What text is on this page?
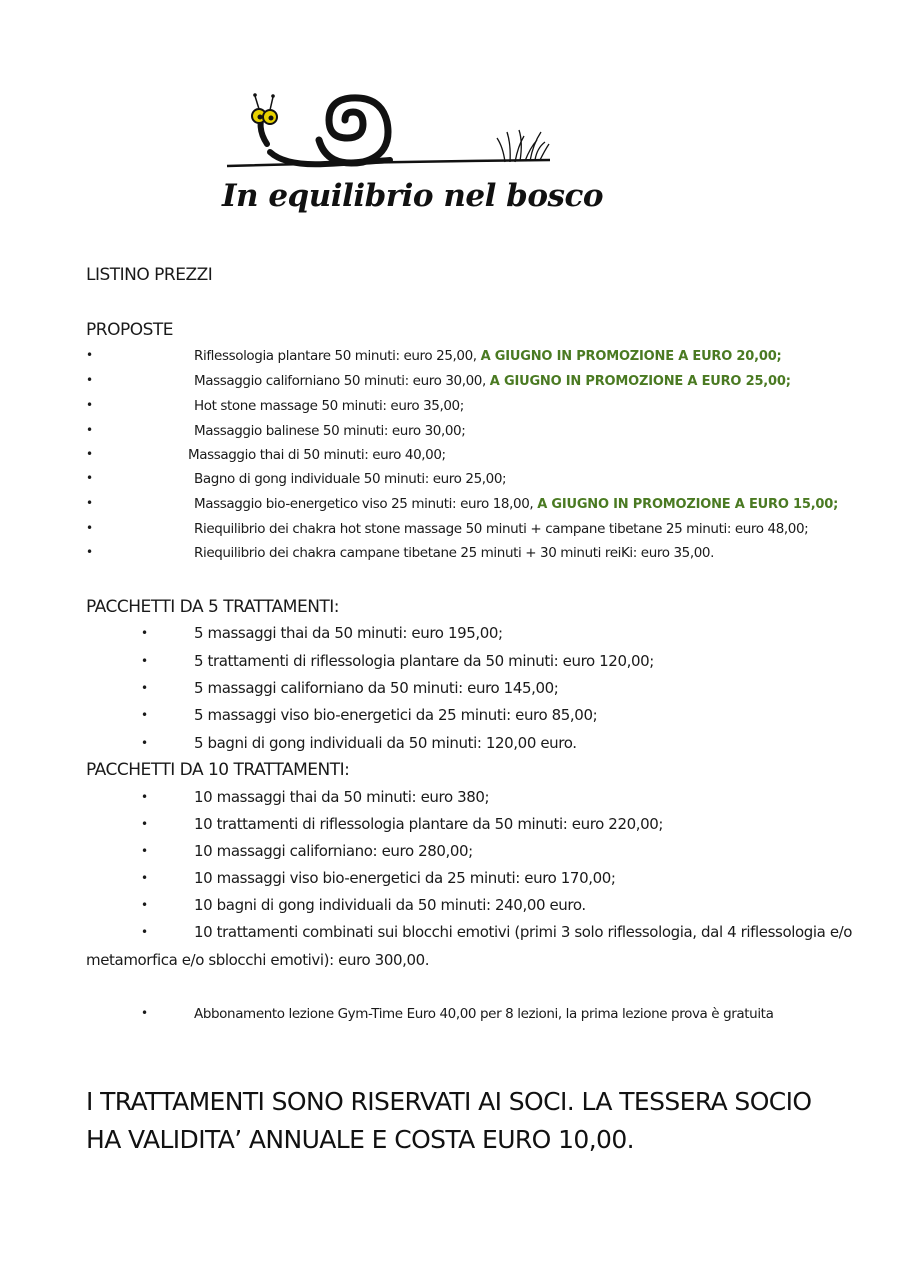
In equilibrio nel bosco
LISTINO PREZZI
PROPOSTE
•	Riflessologia plantare 50 minuti: euro 25,00, A GIUGNO IN PROMOZIONE A EURO 20,00;
•	Massaggio californiano 50 minuti: euro 30,00, A GIUGNO IN PROMOZIONE A EURO 25,00;
•	Hot stone massage 50 minuti: euro 35,00;
•	Massaggio balinese 50 minuti: euro 30,00;
•	Massaggio thai di 50 minuti: euro 40,00;
•	Bagno di gong individuale 50 minuti: euro 25,00;
•	Massaggio bio-energetico viso 25 minuti: euro 18,00, A GIUGNO IN PROMOZIONE A EURO 15,00;
•	Riequilibrio dei chakra hot stone massage 50 minuti + campane tibetane 25 minuti: euro 48,00;
•	Riequilibrio dei chakra campane tibetane 25 minuti + 30 minuti reiKi: euro 35,00.
PACCHETTI DA 5 TRATTAMENTI:
•	5 massaggi thai da 50 minuti: euro 195,00;
•	5 trattamenti di riflessologia plantare da 50 minuti: euro 120,00;
•	5 massaggi californiano da 50 minuti: euro 145,00;
•	5 massaggi viso bio-energetici da 25 minuti: euro 85,00;
•	5 bagni di gong individuali da 50 minuti: 120,00 euro.
PACCHETTI DA 10 TRATTAMENTI:
•	10 massaggi thai da 50 minuti: euro 380;
•	10 trattamenti di riflessologia plantare da 50 minuti: euro 220,00;
•	10 massaggi californiano: euro 280,00;
•	10 massaggi viso bio-energetici da 25 minuti: euro 170,00;
•	10 bagni di gong individuali da 50 minuti: 240,00 euro.
•	10 trattamenti combinati sui blocchi emotivi (primi 3 solo riflessologia, dal 4 riflessologia e/o
metamorfica e/o sblocchi emotivi): euro 300,00.
•	Abbonamento lezione Gym-Time Euro 40,00 per 8 lezioni, la prima lezione prova è gratuita
I TRATTAMENTI SONO RISERVATI AI SOCI. LA TESSERA SOCIO HA VALIDITA’ ANNUALE E COSTA EURO 10,00.
